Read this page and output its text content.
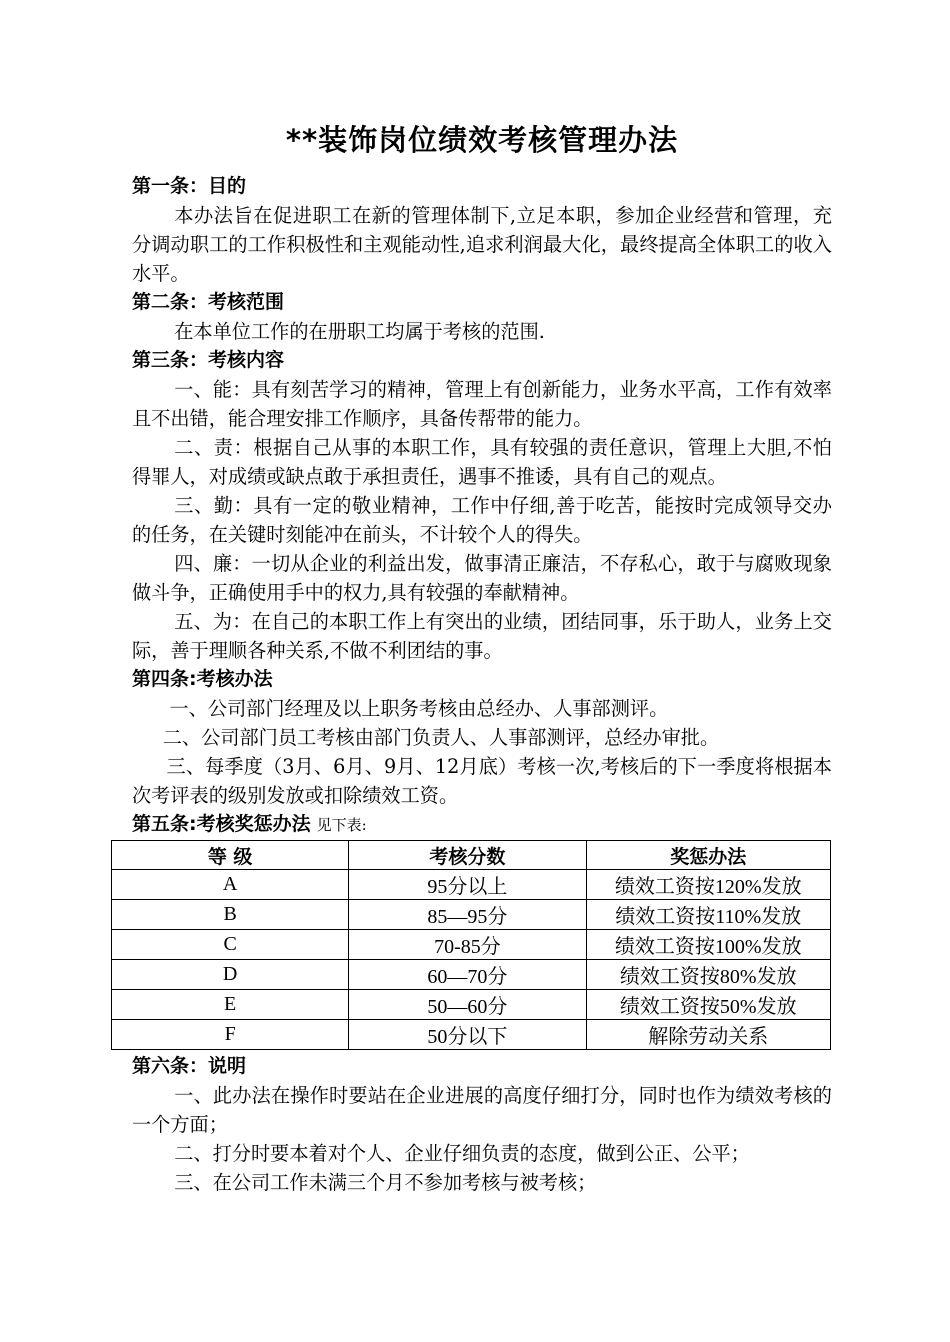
**装饰岗位绩效考核管理办法
第一条：目的

本办法旨在促进职工在新的管理体制下,立足本职，参加企业经营和管理，充分调动职工的工作积极性和主观能动性,追求利润最大化，最终提高全体职工的收入水平。

第二条：考核范围

在本单位工作的在册职工均属于考核的范围.

第三条：考核内容

一、能：具有刻苦学习的精神，管理上有创新能力，业务水平高，工作有效率且不出错，能合理安排工作顺序，具备传帮带的能力。

二、责：根据自己从事的本职工作，具有较强的责任意识，管理上大胆,不怕得罪人，对成绩或缺点敢于承担责任，遇事不推诿，具有自己的观点。

三、勤：具有一定的敬业精神，工作中仔细,善于吃苦，能按时完成领导交办的任务，在关键时刻能冲在前头，不计较个人的得失。

四、廉：一切从企业的利益出发，做事清正廉洁，不存私心，敢于与腐败现象做斗争，正确使用手中的权力,具有较强的奉献精神。

五、为：在自己的本职工作上有突出的业绩，团结同事，乐于助人，业务上交际，善于理顺各种关系,不做不利团结的事。

第四条:考核办法

一、公司部门经理及以上职务考核由总经办、人事部测评。

二、公司部门员工考核由部门负责人、人事部测评，总经办审批。

三、每季度（3月、6月、9月、12月底）考核一次,考核后的下一季度将根据本次考评表的级别发放或扣除绩效工资。

第五条:考核奖惩办法 见下表:
等 级	考核分数	奖惩办法
A	95分以上	绩效工资按120%发放
B	85—95分	绩效工资按110%发放
C	70-85分	绩效工资按100%发放
D	60—70分	绩效工资按80%发放
E	50—60分	绩效工资按50%发放
F	50分以下	解除劳动关系
第六条：说明

一、此办法在操作时要站在企业进展的高度仔细打分，同时也作为绩效考核的一个方面；

二、打分时要本着对个人、企业仔细负责的态度，做到公正、公平；

三、在公司工作未满三个月不参加考核与被考核；
